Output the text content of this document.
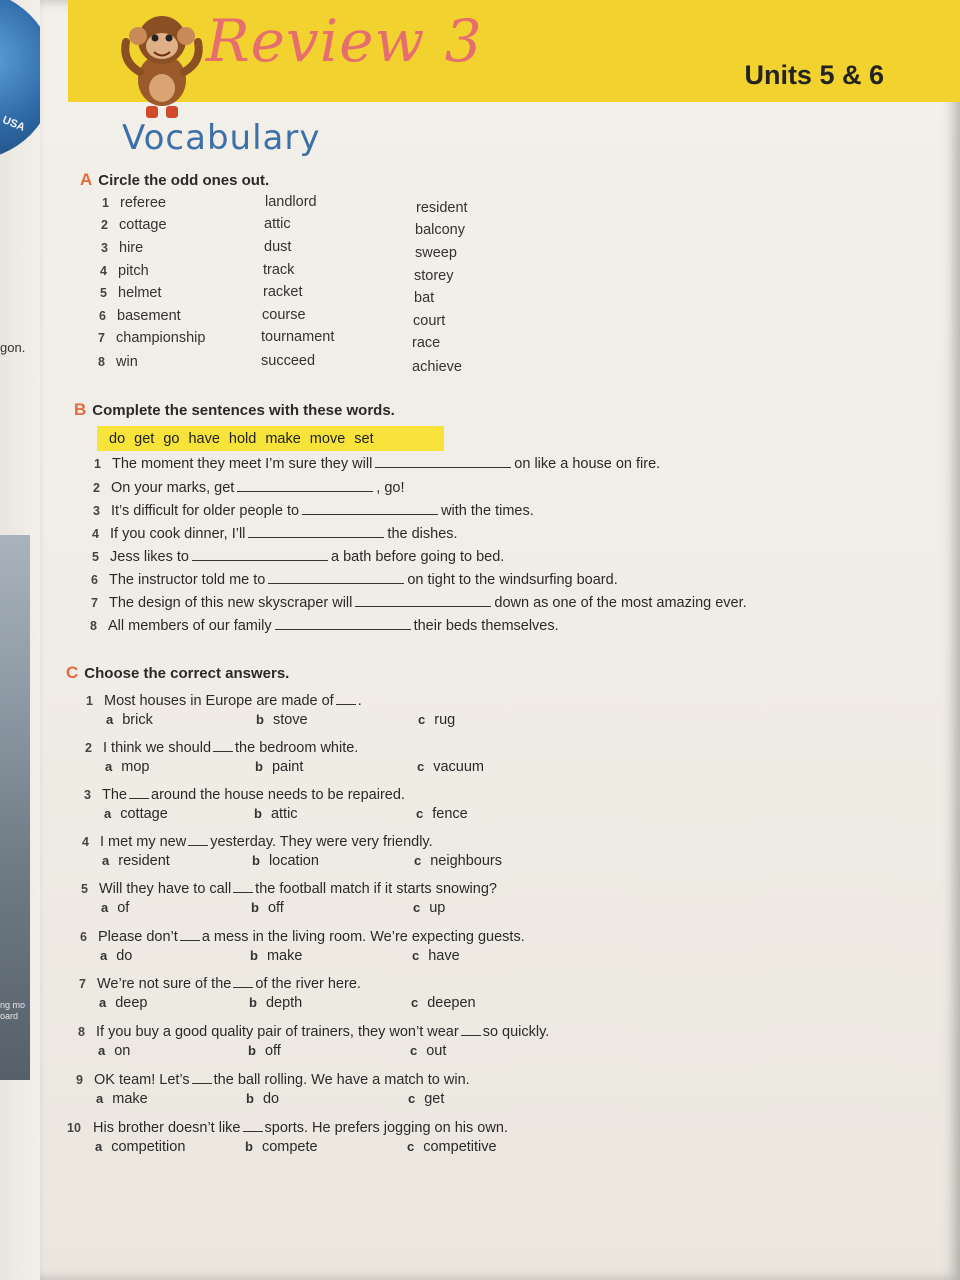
USA
gon.
ng mo
oard
Review 3	Units 5 & 6
Vocabulary
A Circle the odd ones out.
1 referee	landlord	resident
2 cottage	attic	balcony
3 hire	dust	sweep
4 pitch	track	storey
5 helmet	racket	bat
6 basement	course	court
7 championship	tournament	race
8 win	succeed	achieve
B Complete the sentences with these words.
do get go have hold make move set
1 The moment they meet I’m sure they will	on like a house on fire.
2 On your marks, get	, go!
3 It’s difficult for older people to	with the times.
4 If you cook dinner, I’ll	the dishes.
5 Jess likes to	a bath before going to bed.
6 The instructor told me to	on tight to the windsurfing board.
7 The design of this new skyscraper will	down as one of the most amazing ever.
8 All members of our family	their beds themselves.
C Choose the correct answers.
1 Most houses in Europe are made of .
a brick	b stove	c rug
2 I think we should the bedroom white.
a mop	b paint	c vacuum
3 The around the house needs to be repaired.
a cottage	b attic	c fence
4 I met my new yesterday. They were very friendly.
a resident	b location	c neighbours
5 Will they have to call the football match if it starts snowing?
a of	b off	c up
6 Please don’t a mess in the living room. We’re expecting guests.
a do	b make	c have
7 We’re not sure of the of the river here.
a deep	b depth	c deepen
8 If you buy a good quality pair of trainers, they won’t wear so quickly.
a on	b off	c out
9 OK team! Let’s the ball rolling. We have a match to win.
a make	b do	c get
10 His brother doesn’t like sports. He prefers jogging on his own.
a competition	b compete	c competitive
